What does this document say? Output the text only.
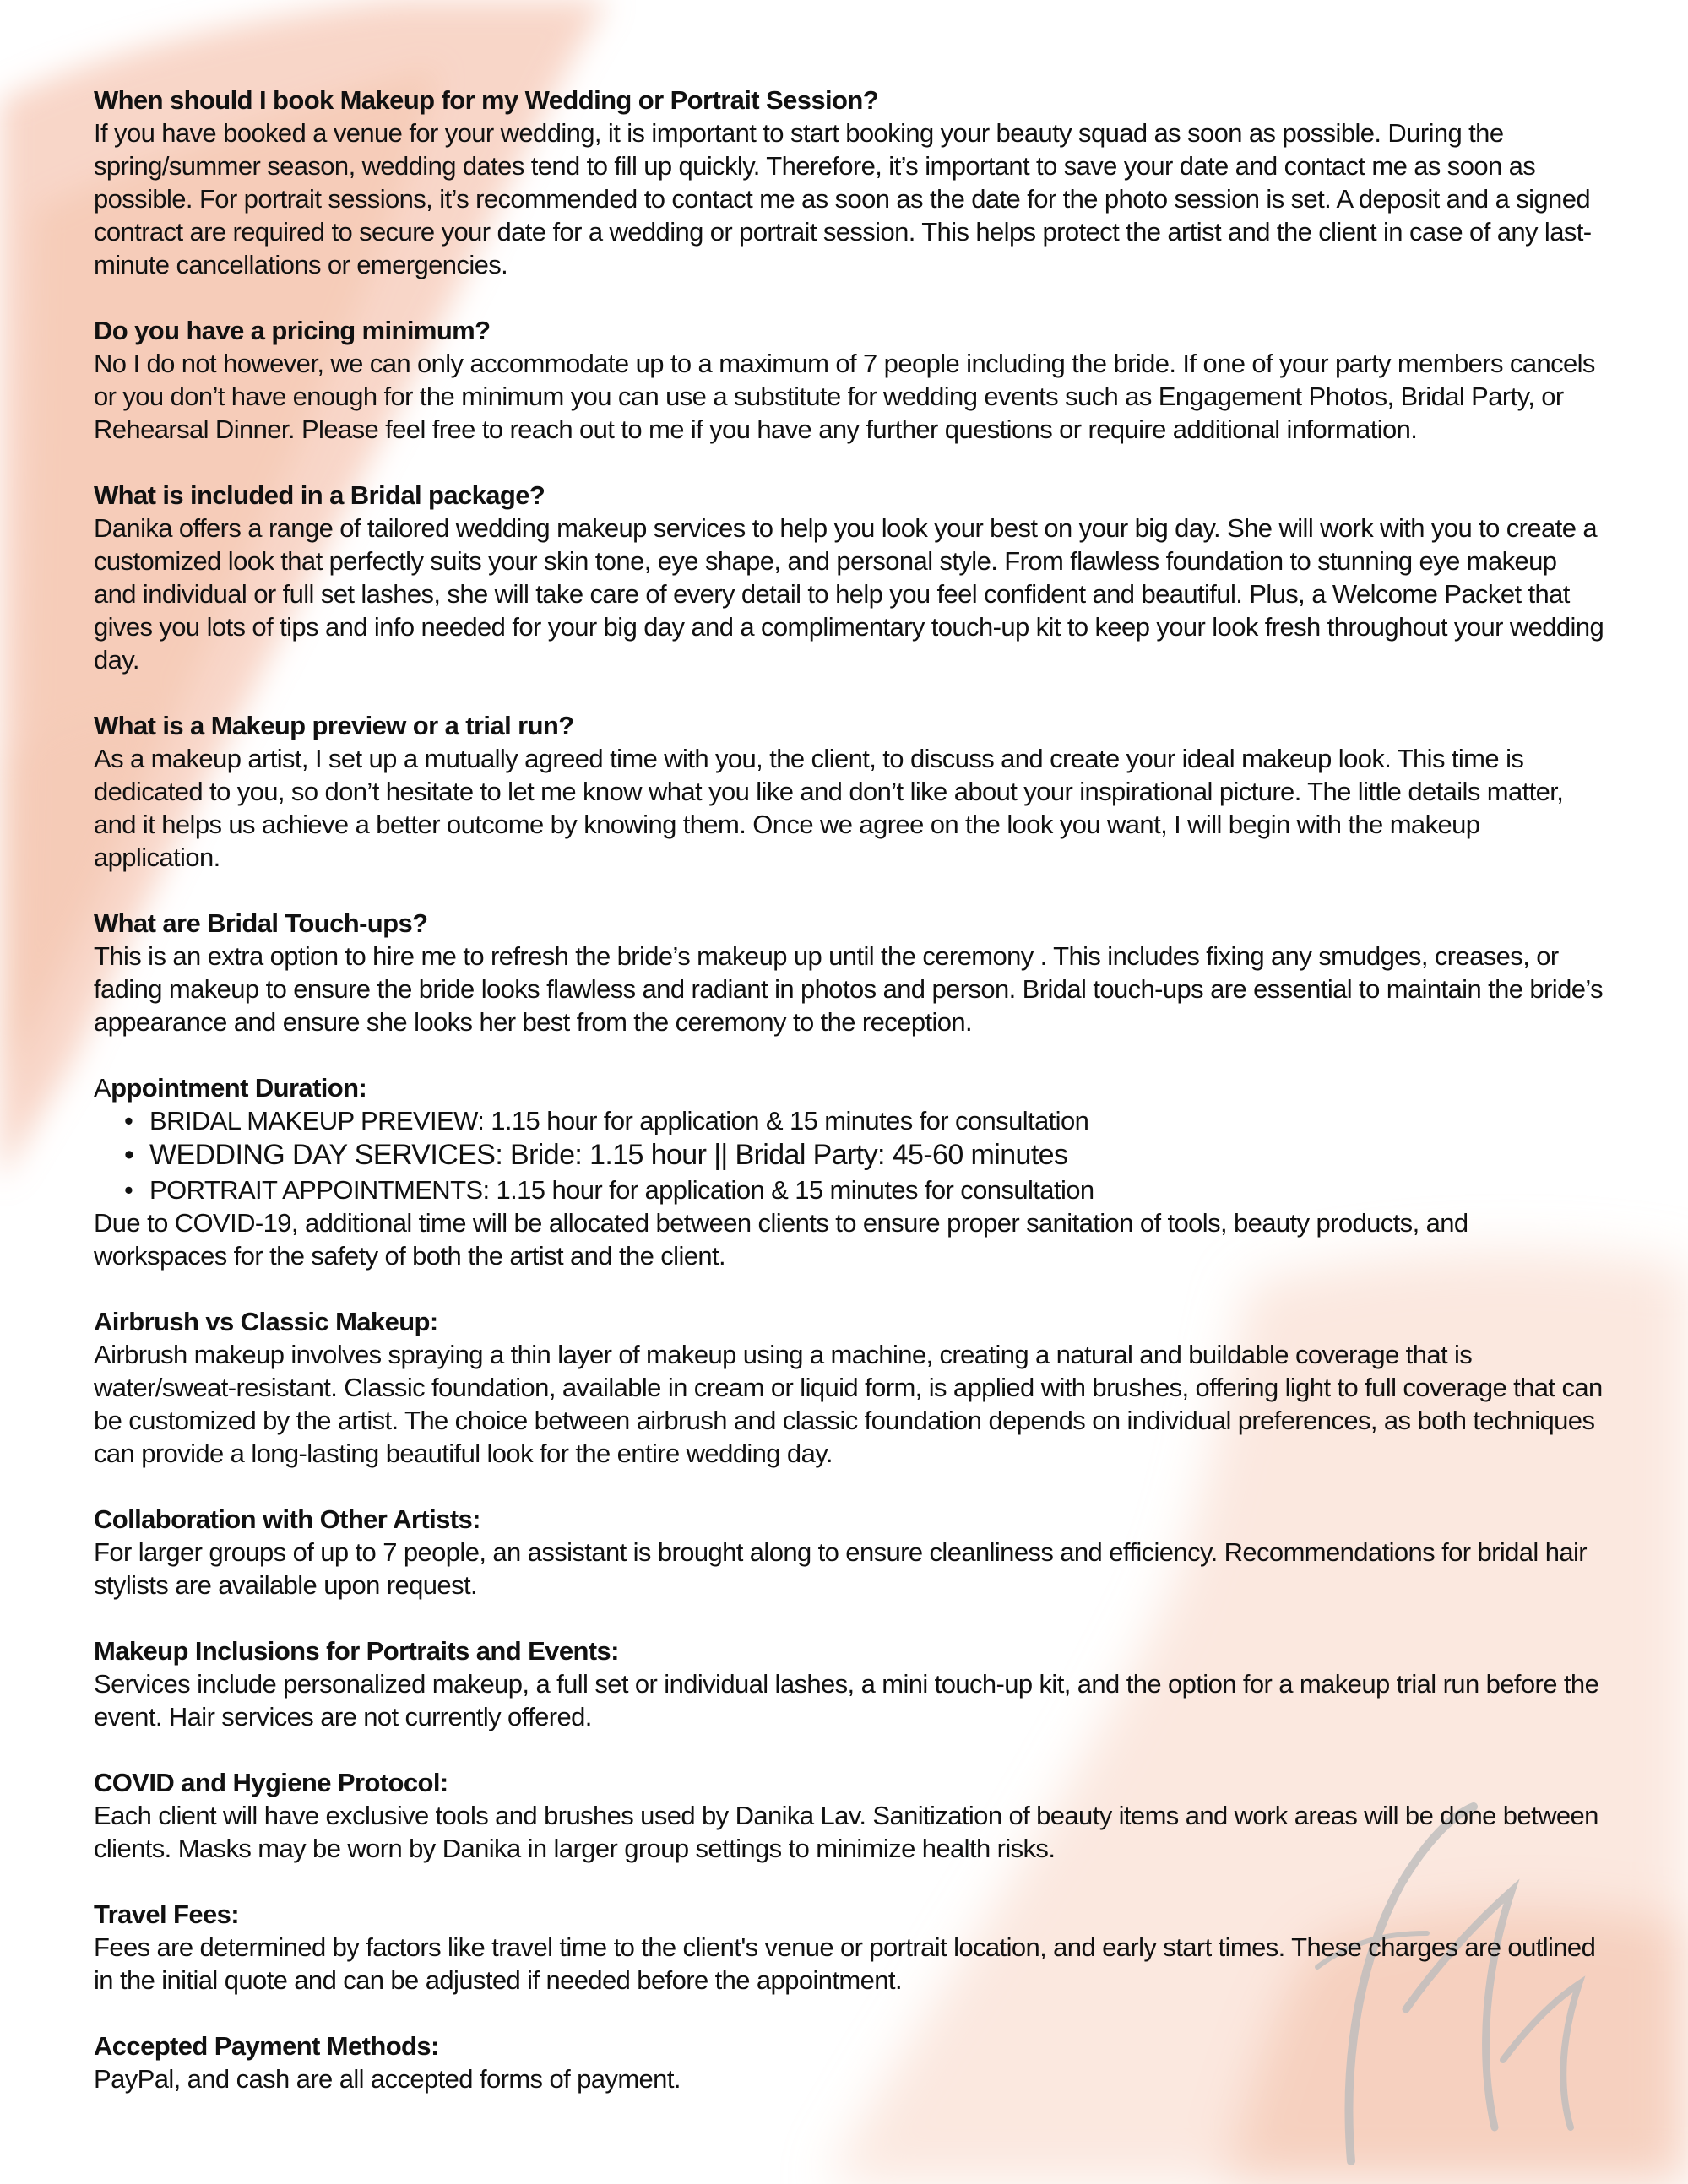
When should I book Makeup for my Wedding or Portrait Session?

If you have booked a venue for your wedding, it is important to start booking your beauty squad as soon as possible. During the spring/summer season, wedding dates tend to fill up quickly. Therefore, it’s important to save your date and contact me as soon as possible. For portrait sessions, it’s recommended to contact me as soon as the date for the photo session is set. A deposit and a signed contract are required to secure your date for a wedding or portrait session. This helps protect the artist and the client in case of any last-minute cancellations or emergencies.

Do you have a pricing minimum?

No I do not however, we can only accommodate up to a maximum of 7 people including the bride. If one of your party members cancels or you don’t have enough for the minimum you can use a substitute for wedding events such as Engagement Photos, Bridal Party, or Rehearsal Dinner. Please feel free to reach out to me if you have any further questions or require additional information.

What is included in a Bridal package?

Danika offers a range of tailored wedding makeup services to help you look your best on your big day. She will work with you to create a customized look that perfectly suits your skin tone, eye shape, and personal style. From flawless foundation to stunning eye makeup and individual or full set lashes, she will take care of every detail to help you feel confident and beautiful. Plus, a Welcome Packet that gives you lots of tips and info needed for your big day and a complimentary touch-up kit to keep your look fresh throughout your wedding day.

What is a Makeup preview or a trial run?

As a makeup artist, I set up a mutually agreed time with you, the client, to discuss and create your ideal makeup look. This time is dedicated to you, so don’t hesitate to let me know what you like and don’t like about your inspirational picture. The little details matter, and it helps us achieve a better outcome by knowing them. Once we agree on the look you want, I will begin with the makeup application.

What are Bridal Touch-ups?

This is an extra option to hire me to refresh the bride’s makeup up until the ceremony . This includes fixing any smudges, creases, or fading makeup to ensure the bride looks flawless and radiant in photos and person. Bridal touch-ups are essential to maintain the bride’s appearance and ensure she looks her best from the ceremony to the reception.

Appointment Duration:

• BRIDAL MAKEUP PREVIEW: 1.15 hour for application & 15 minutes for consultation
• WEDDING DAY SERVICES: Bride: 1.15 hour || Bridal Party: 45-60 minutes
• PORTRAIT APPOINTMENTS: 1.15 hour for application & 15 minutes for consultation

Due to COVID-19, additional time will be allocated between clients to ensure proper sanitation of tools, beauty products, and workspaces for the safety of both the artist and the client.

Airbrush vs Classic Makeup:

Airbrush makeup involves spraying a thin layer of makeup using a machine, creating a natural and buildable coverage that is water/sweat-resistant. Classic foundation, available in cream or liquid form, is applied with brushes, offering light to full coverage that can be customized by the artist. The choice between airbrush and classic foundation depends on individual preferences, as both techniques can provide a long-lasting beautiful look for the entire wedding day.

Collaboration with Other Artists:

For larger groups of up to 7 people, an assistant is brought along to ensure cleanliness and efficiency. Recommendations for bridal hair stylists are available upon request.

Makeup Inclusions for Portraits and Events:

Services include personalized makeup, a full set or individual lashes, a mini touch-up kit, and the option for a makeup trial run before the event. Hair services are not currently offered.

COVID and Hygiene Protocol:

Each client will have exclusive tools and brushes used by Danika Lav. Sanitization of beauty items and work areas will be done between clients. Masks may be worn by Danika in larger group settings to minimize health risks.

Travel Fees:

Fees are determined by factors like travel time to the client's venue or portrait location, and early start times. These charges are outlined in the initial quote and can be adjusted if needed before the appointment.

Accepted Payment Methods:

PayPal, and cash are all accepted forms of payment.
